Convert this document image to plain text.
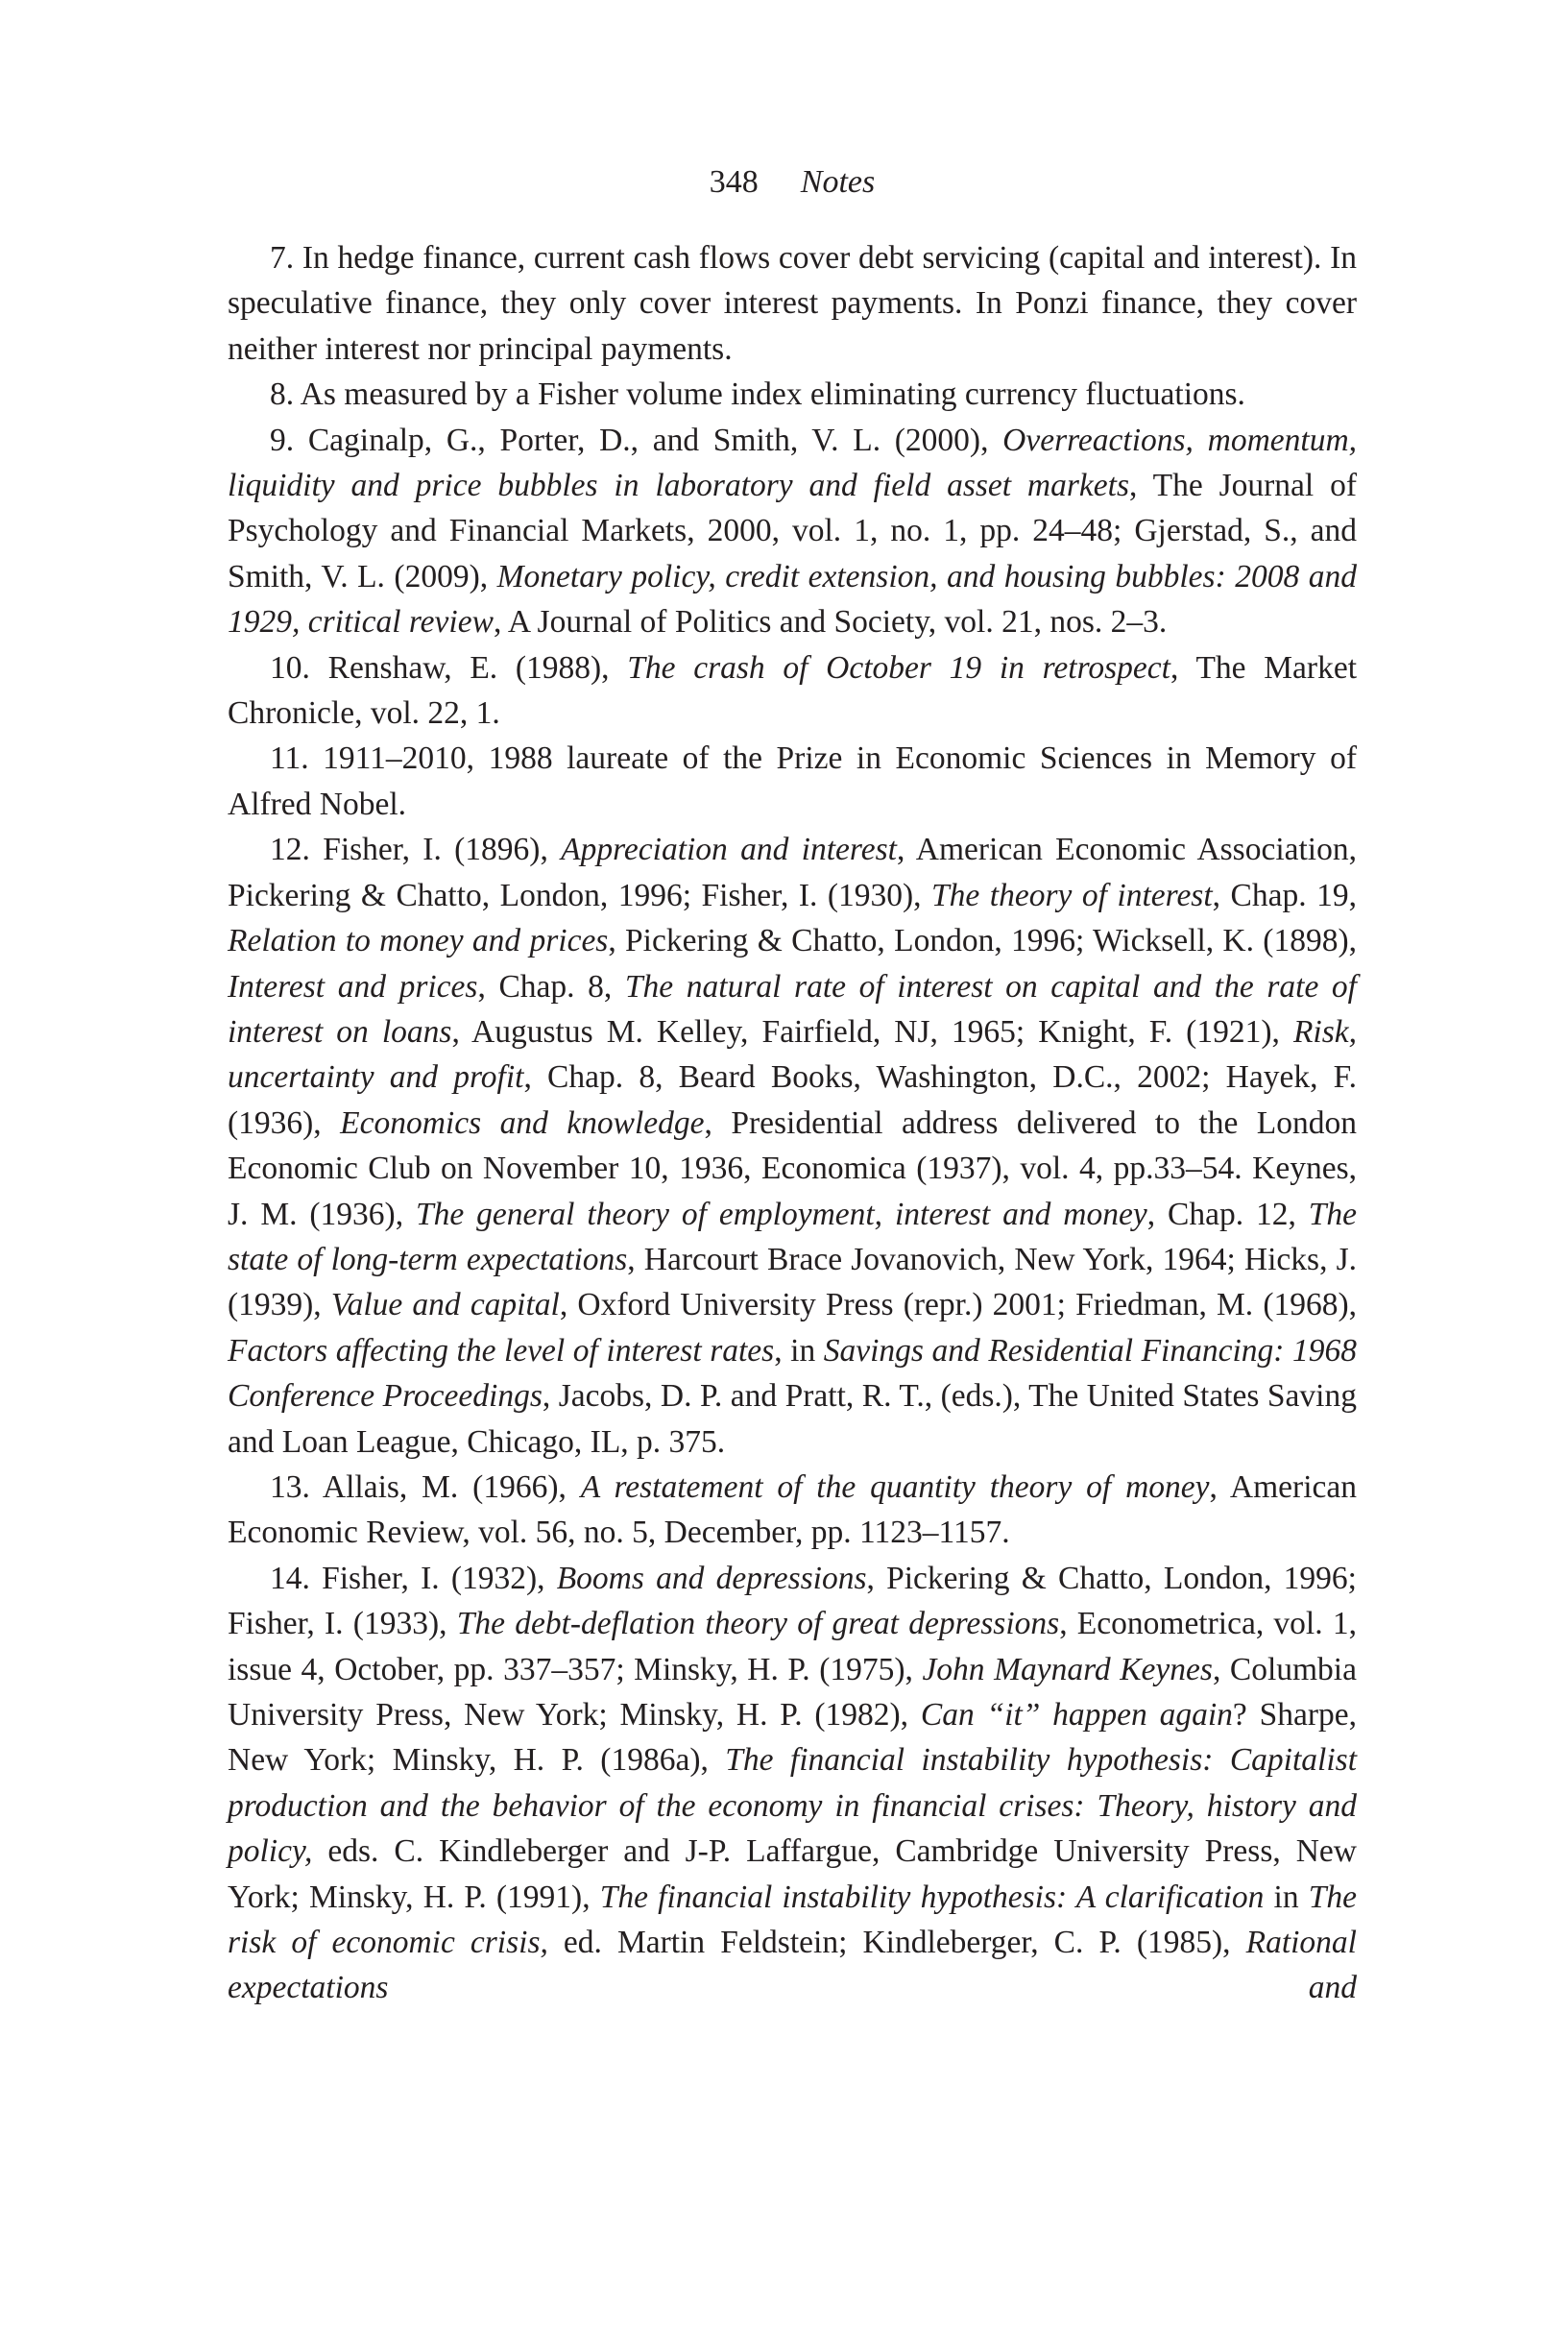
348 Notes

7. In hedge finance, current cash flows cover debt servicing (capital and interest). In speculative finance, they only cover interest payments. In Ponzi finance, they cover neither interest nor principal payments.

8. As measured by a Fisher volume index eliminating currency fluctuations.

9. Caginalp, G., Porter, D., and Smith, V. L. (2000), Overreactions, momentum, liquidity and price bubbles in laboratory and field asset markets, The Journal of Psychology and Financial Markets, 2000, vol. 1, no. 1, pp. 24–48; Gjerstad, S., and Smith, V. L. (2009), Monetary policy, credit extension, and housing bubbles: 2008 and 1929, critical review, A Journal of Politics and Society, vol. 21, nos. 2–3.

10. Renshaw, E. (1988), The crash of October 19 in retrospect, The Market Chronicle, vol. 22, 1.

11. 1911–2010, 1988 laureate of the Prize in Economic Sciences in Memory of Alfred Nobel.

12. Fisher, I. (1896), Appreciation and interest, American Economic Association, Pickering & Chatto, London, 1996; Fisher, I. (1930), The theory of interest, Chap. 19, Relation to money and prices, Pickering & Chatto, London, 1996; Wicksell, K. (1898), Interest and prices, Chap. 8, The natural rate of interest on capital and the rate of interest on loans, Augustus M. Kelley, Fairfield, NJ, 1965; Knight, F. (1921), Risk, uncertainty and profit, Chap. 8, Beard Books, Washington, D.C., 2002; Hayek, F. (1936), Economics and knowledge, Presidential address delivered to the London Economic Club on November 10, 1936, Economica (1937), vol. 4, pp.33–54. Keynes, J. M. (1936), The general theory of employment, interest and money, Chap. 12, The state of long-term expectations, Harcourt Brace Jovanovich, New York, 1964; Hicks, J. (1939), Value and capital, Oxford University Press (repr.) 2001; Friedman, M. (1968), Factors affecting the level of interest rates, in Savings and Residential Financing: 1968 Conference Proceedings, Jacobs, D. P. and Pratt, R. T., (eds.), The United States Saving and Loan League, Chicago, IL, p. 375.

13. Allais, M. (1966), A restatement of the quantity theory of money, American Economic Review, vol. 56, no. 5, December, pp. 1123–1157.

14. Fisher, I. (1932), Booms and depressions, Pickering & Chatto, London, 1996; Fisher, I. (1933), The debt-deflation theory of great depressions, Econometrica, vol. 1, issue 4, October, pp. 337–357; Minsky, H. P. (1975), John Maynard Keynes, Columbia University Press, New York; Minsky, H. P. (1982), Can “it” happen again? Sharpe, New York; Minsky, H. P. (1986a), The financial instability hypothesis: Capitalist production and the behavior of the economy in financial crises: Theory, history and policy, eds. C. Kindleberger and J-P. Laffargue, Cambridge University Press, New York; Minsky, H. P. (1991), The financial instability hypothesis: A clarification in The risk of economic crisis, ed. Martin Feldstein; Kindleberger, C. P. (1985), Rational expectations and
